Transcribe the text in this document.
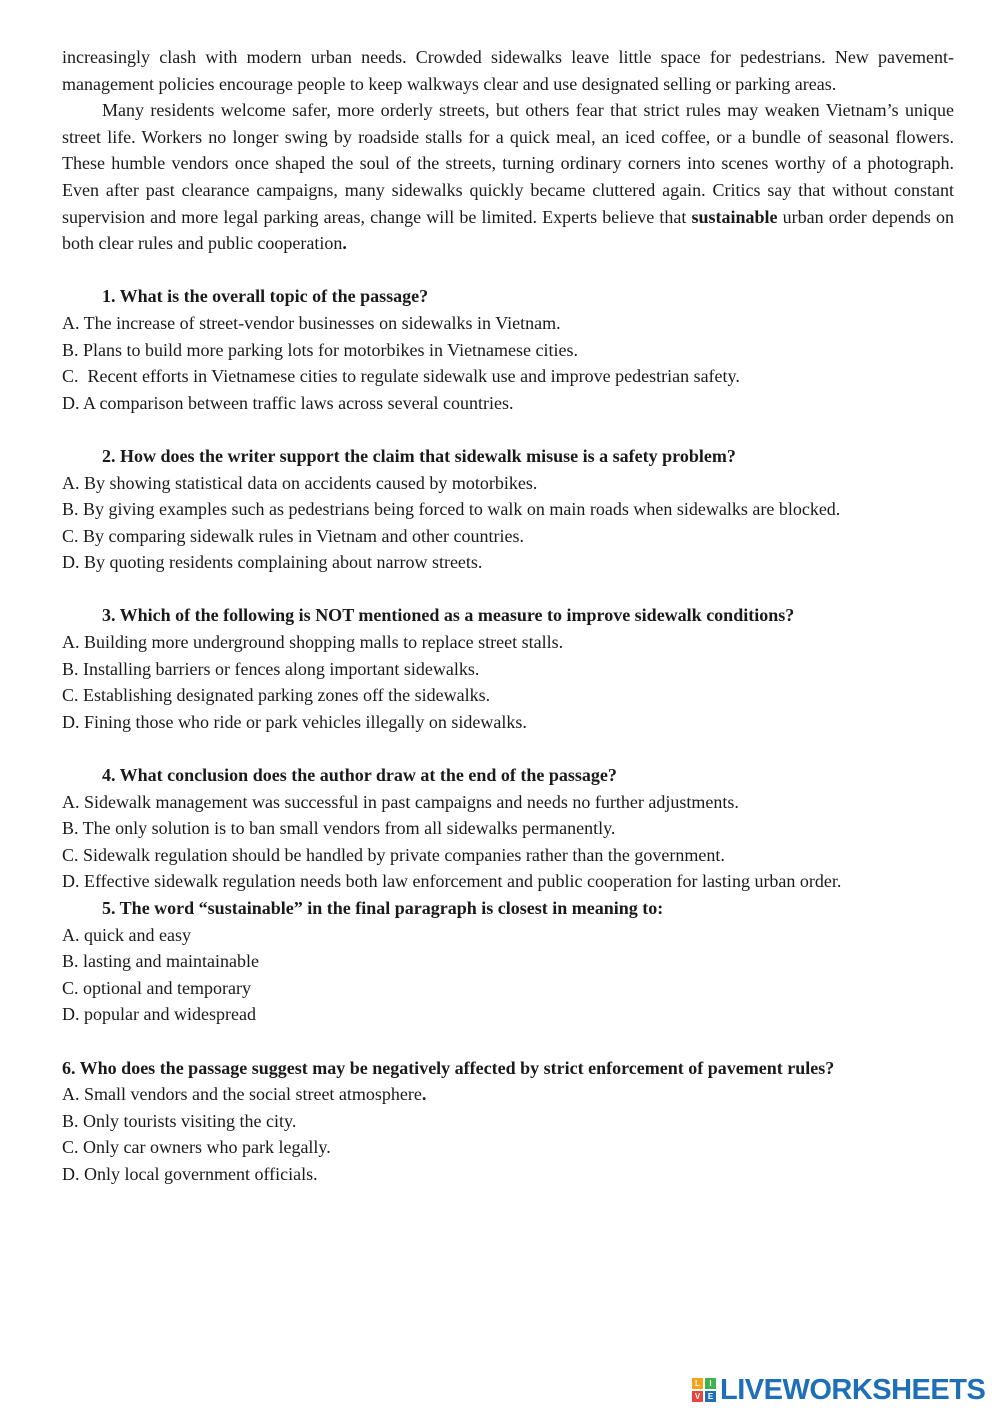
increasingly clash with modern urban needs. Crowded sidewalks leave little space for pedestrians. New pavement-management policies encourage people to keep walkways clear and use designated selling or parking areas.

Many residents welcome safer, more orderly streets, but others fear that strict rules may weaken Vietnam’s unique street life. Workers no longer swing by roadside stalls for a quick meal, an iced coffee, or a bundle of seasonal flowers. These humble vendors once shaped the soul of the streets, turning ordinary corners into scenes worthy of a photograph. Even after past clearance campaigns, many sidewalks quickly became cluttered again. Critics say that without constant supervision and more legal parking areas, change will be limited. Experts believe that sustainable urban order depends on both clear rules and public cooperation.

1. What is the overall topic of the passage?

A. The increase of street-vendor businesses on sidewalks in Vietnam.

B. Plans to build more parking lots for motorbikes in Vietnamese cities.

C.  Recent efforts in Vietnamese cities to regulate sidewalk use and improve pedestrian safety.

D. A comparison between traffic laws across several countries.

2. How does the writer support the claim that sidewalk misuse is a safety problem?

A. By showing statistical data on accidents caused by motorbikes.

B. By giving examples such as pedestrians being forced to walk on main roads when sidewalks are blocked.

C. By comparing sidewalk rules in Vietnam and other countries.

D. By quoting residents complaining about narrow streets.

3. Which of the following is NOT mentioned as a measure to improve sidewalk conditions?

A. Building more underground shopping malls to replace street stalls.

B. Installing barriers or fences along important sidewalks.

C. Establishing designated parking zones off the sidewalks.

D. Fining those who ride or park vehicles illegally on sidewalks.

4. What conclusion does the author draw at the end of the passage?

A. Sidewalk management was successful in past campaigns and needs no further adjustments.

B. The only solution is to ban small vendors from all sidewalks permanently.

C. Sidewalk regulation should be handled by private companies rather than the government.

D. Effective sidewalk regulation needs both law enforcement and public cooperation for lasting urban order.

5. The word “sustainable” in the final paragraph is closest in meaning to:

A. quick and easy

B. lasting and maintainable

C. optional and temporary

D. popular and widespread

6. Who does the passage suggest may be negatively affected by strict enforcement of pavement rules?

A. Small vendors and the social street atmosphere.

B. Only tourists visiting the city.

C. Only car owners who park legally.

D. Only local government officials.

L	I
V E LIVEWORKSHEETS
